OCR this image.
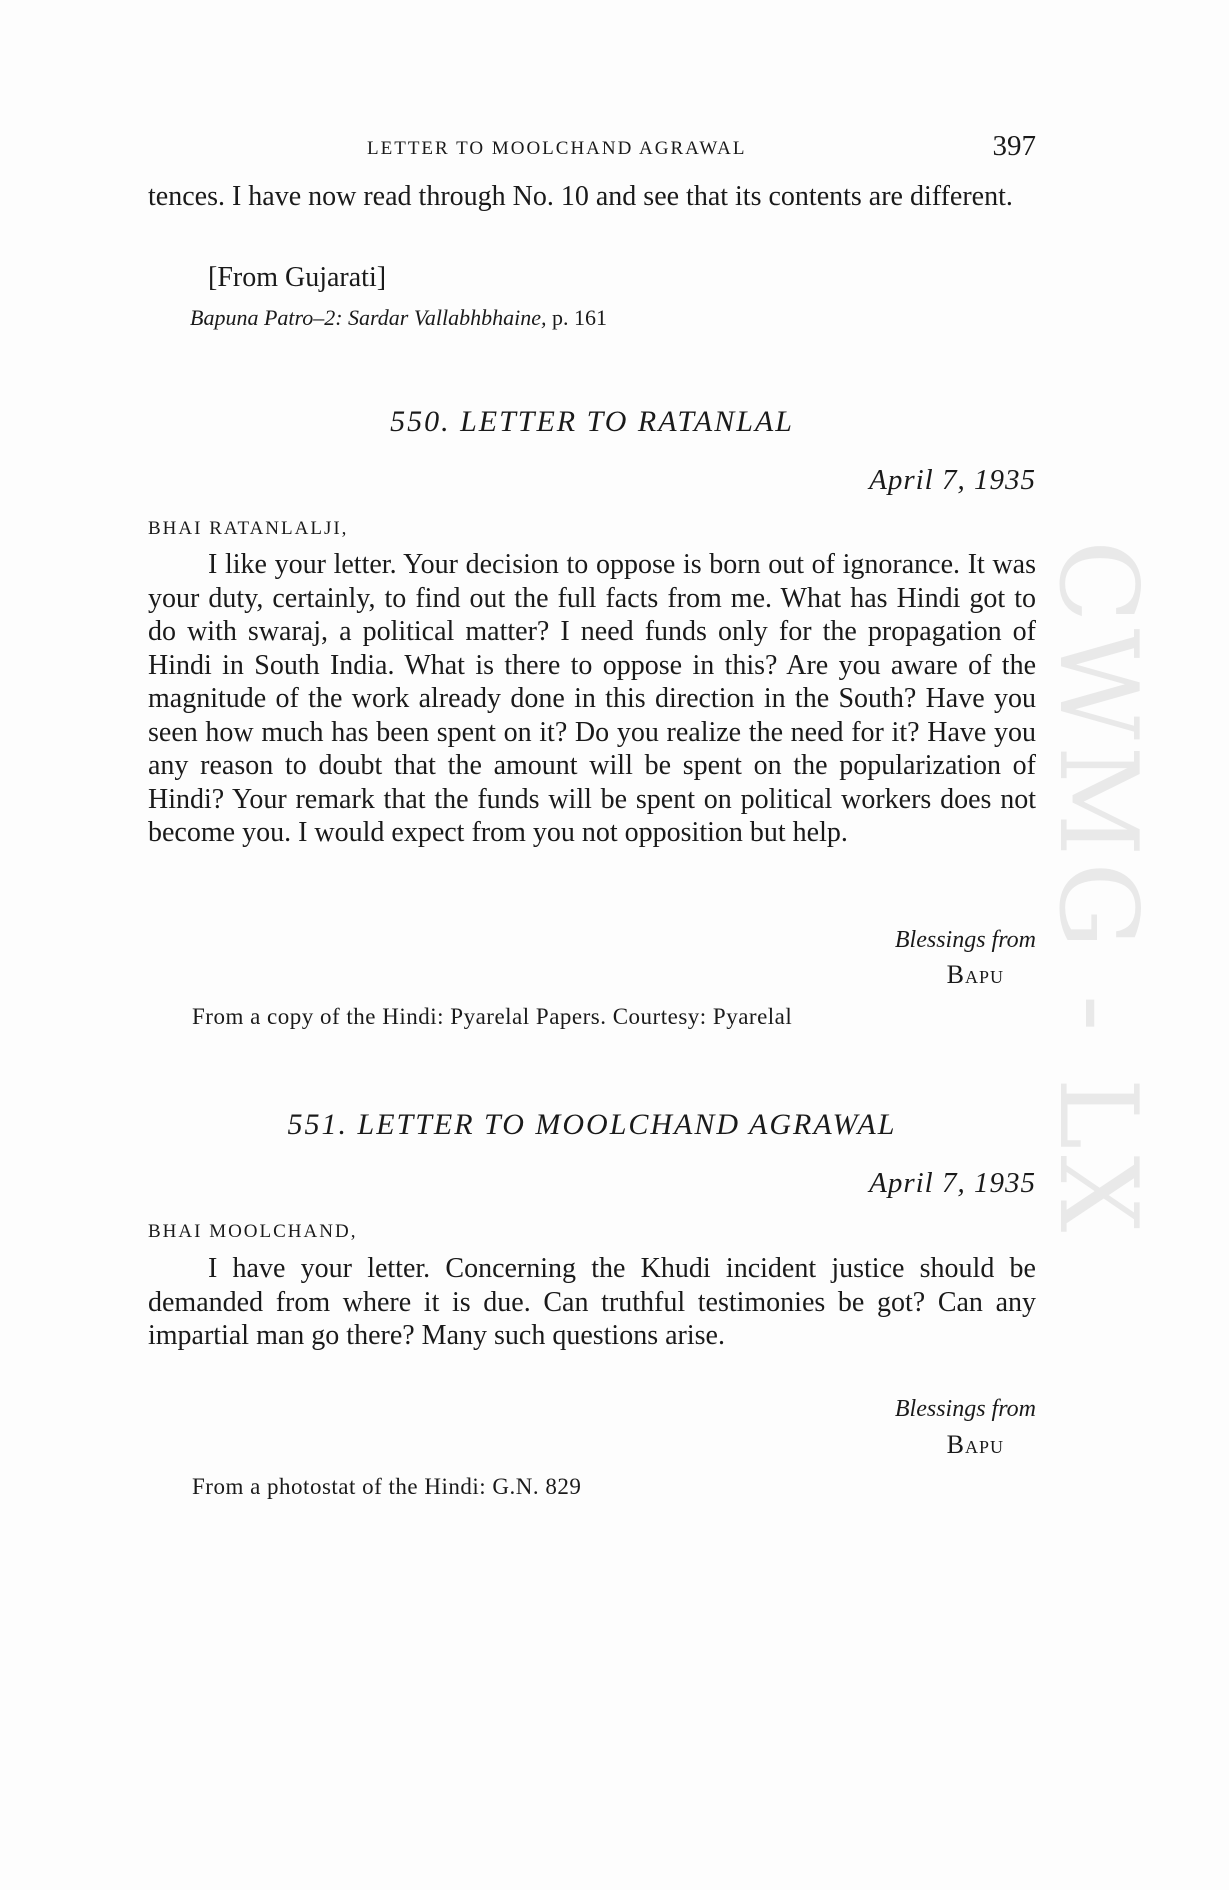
CWMG - LX
LETTER TO MOOLCHAND AGRAWAL	397

tences. I have now read through No. 10 and see that its contents are different.

[From Gujarati]
Bapuna Patro–2: Sardar Vallabhbhaine, p. 161
550. LETTER TO RATANLAL
April 7, 1935
BHAI RATANLALJI,

I like your letter. Your decision to oppose is born out of ignorance. It was your duty, certainly, to find out the full facts from me. What has Hindi got to do with swaraj, a political matter? I need funds only for the propagation of Hindi in South India. What is there to oppose in this? Are you aware of the magnitude of the work already done in this direction in the South? Have you seen how much has been spent on it? Do you realize the need for it? Have you any reason to doubt that the amount will be spent on the popularization of Hindi? Your remark that the funds will be spent on political workers does not become you. I would expect from you not opposition but help.

Blessings from
Bapu
From a copy of the Hindi: Pyarelal Papers. Courtesy: Pyarelal
551. LETTER TO MOOLCHAND AGRAWAL
April 7, 1935
BHAI MOOLCHAND,

I have your letter. Concerning the Khudi incident justice should be demanded from where it is due. Can truthful testimonies be got? Can any impartial man go there? Many such questions arise.

Blessings from
Bapu
From a photostat of the Hindi: G.N. 829
